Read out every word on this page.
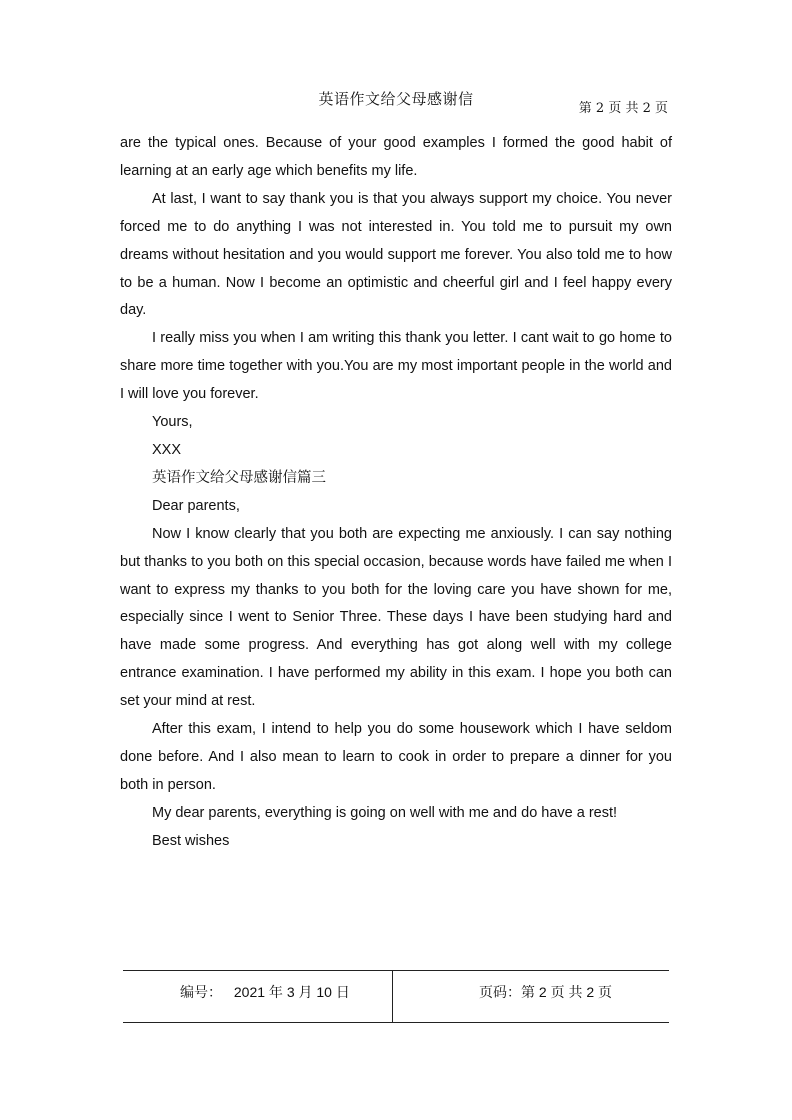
英语作文给父母感谢信
第 2 页 共 2 页

are the typical ones. Because of your good examples I formed the good habit of learning at an early age which benefits my life.

At last, I want to say thank you is that you always support my choice. You never forced me to do anything I was not interested in. You told me to pursuit my own dreams without hesitation and you would support me forever. You also told me to how to be a human. Now I become an optimistic and cheerful girl and I feel happy every day.

I really miss you when I am writing this thank you letter. I cant wait to go home to share more time together with you.You are my most important people in the world and I will love you forever.

Yours,

XXX

英语作文给父母感谢信篇三

Dear parents,

Now I know clearly that you both are expecting me anxiously. I can say nothing but thanks to you both on this special occasion, because words have failed me when I want to express my thanks to you both for the loving care you have shown for me, especially since I went to Senior Three. These days I have been studying hard and have made some progress. And everything has got along well with my college entrance examination. I have performed my ability in this exam. I hope you both can set your mind at rest.

After this exam, I intend to help you do some housework which I have seldom done before. And I also mean to learn to cook in order to prepare a dinner for you both in person.

My dear parents, everything is going on well with me and do have a rest!

Best wishes

编号： 2021 年 3 月 10 日	页码：第 2 页 共 2 页
